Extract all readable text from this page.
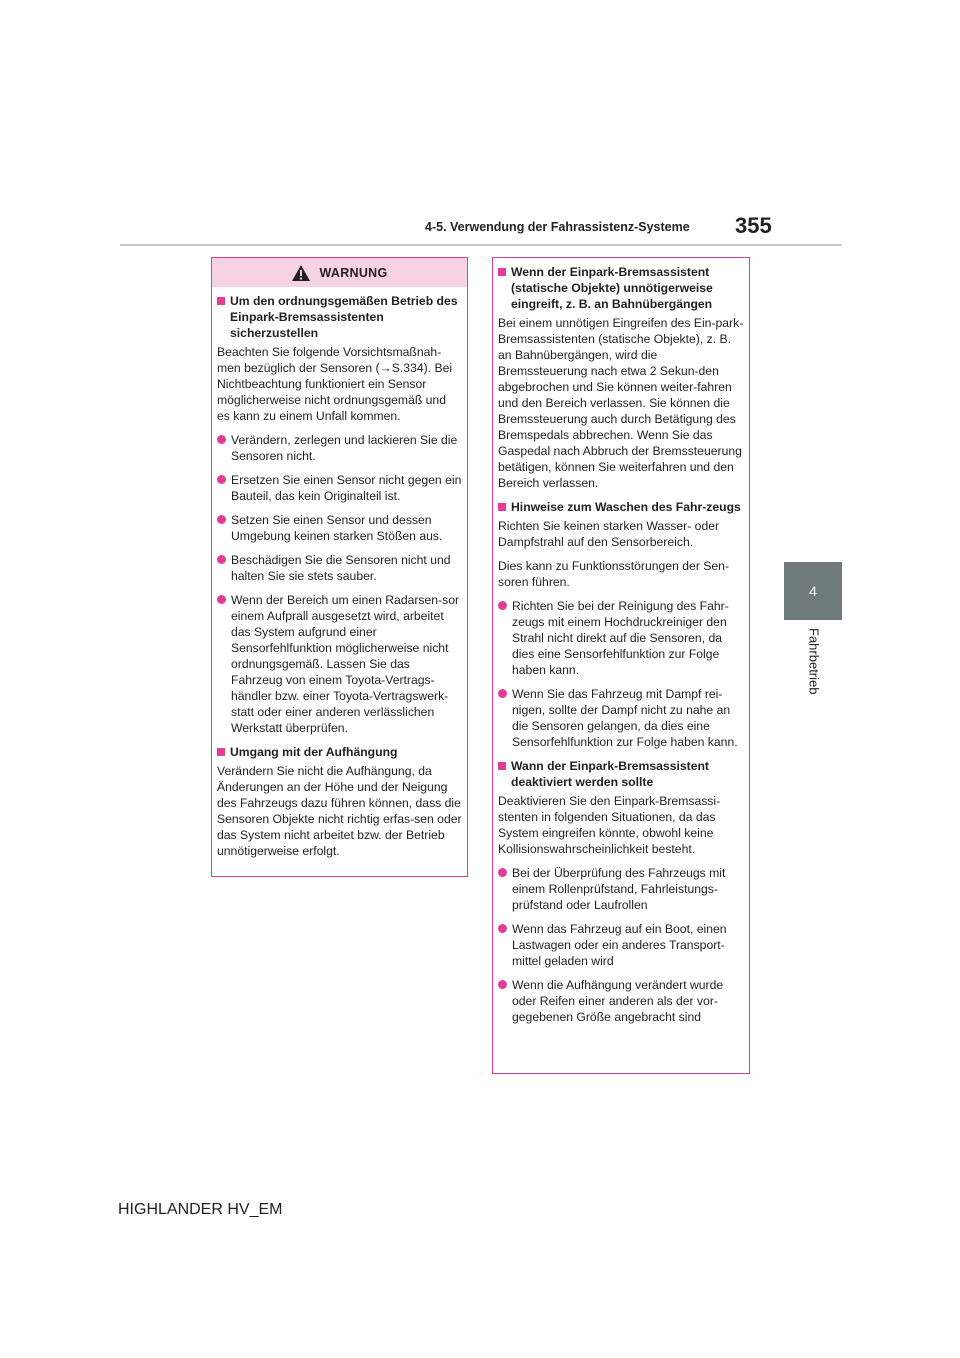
4-5. Verwendung der Fahrassistenz-Systeme 355
4
Fahrbetrieb
WARNUNG
Um den ordnungsgemäßen Betrieb des Einpark-Bremsassistenten sicherzustellen

Beachten Sie folgende Vorsichtsmaßnah-men bezüglich der Sensoren (→S.334). Bei Nichtbeachtung funktioniert ein Sensor möglicherweise nicht ordnungsgemäß und es kann zu einem Unfall kommen.

Verändern, zerlegen und lackieren Sie die Sensoren nicht.
Ersetzen Sie einen Sensor nicht gegen ein Bauteil, das kein Originalteil ist.
Setzen Sie einen Sensor und dessen Umgebung keinen starken Stößen aus.
Beschädigen Sie die Sensoren nicht und halten Sie sie stets sauber.
Wenn der Bereich um einen Radarsen-sor einem Aufprall ausgesetzt wird, arbeitet das System aufgrund einer Sensorfehlfunktion möglicherweise nicht ordnungsgemäß. Lassen Sie das Fahrzeug von einem Toyota-Vertrags-händler bzw. einer Toyota-Vertragswerk-statt oder einer anderen verlässlichen Werkstatt überprüfen.
Umgang mit der Aufhängung

Verändern Sie nicht die Aufhängung, da Änderungen an der Höhe und der Neigung des Fahrzeugs dazu führen können, dass die Sensoren Objekte nicht richtig erfas-sen oder das System nicht arbeitet bzw. der Betrieb unnötigerweise erfolgt.

Wenn der Einpark-Bremsassistent (statische Objekte) unnötigerweise eingreift, z. B. an Bahnübergängen

Bei einem unnötigen Eingreifen des Ein-park-Bremsassistenten (statische Objekte), z. B. an Bahnübergängen, wird die Bremssteuerung nach etwa 2 Sekun-den abgebrochen und Sie können weiter-fahren und den Bereich verlassen. Sie können die Bremssteuerung auch durch Betätigung des Bremspedals abbrechen. Wenn Sie das Gaspedal nach Abbruch der Bremssteuerung betätigen, können Sie weiterfahren und den Bereich verlassen.

Hinweise zum Waschen des Fahr-zeugs

Richten Sie keinen starken Wasser- oder Dampfstrahl auf den Sensorbereich.

Dies kann zu Funktionsstörungen der Sen-soren führen.

Richten Sie bei der Reinigung des Fahr-zeugs mit einem Hochdruckreiniger den Strahl nicht direkt auf die Sensoren, da dies eine Sensorfehlfunktion zur Folge haben kann.
Wenn Sie das Fahrzeug mit Dampf rei-nigen, sollte der Dampf nicht zu nahe an die Sensoren gelangen, da dies eine Sensorfehlfunktion zur Folge haben kann.
Wann der Einpark-Bremsassistent deaktiviert werden sollte

Deaktivieren Sie den Einpark-Bremsassi-stenten in folgenden Situationen, da das System eingreifen könnte, obwohl keine Kollisionswahrscheinlichkeit besteht.

Bei der Überprüfung des Fahrzeugs mit einem Rollenprüfstand, Fahrleistungs-prüfstand oder Laufrollen
Wenn das Fahrzeug auf ein Boot, einen Lastwagen oder ein anderes Transport-mittel geladen wird
Wenn die Aufhängung verändert wurde oder Reifen einer anderen als der vor-gegebenen Größe angebracht sind
HIGHLANDER HV_EM
